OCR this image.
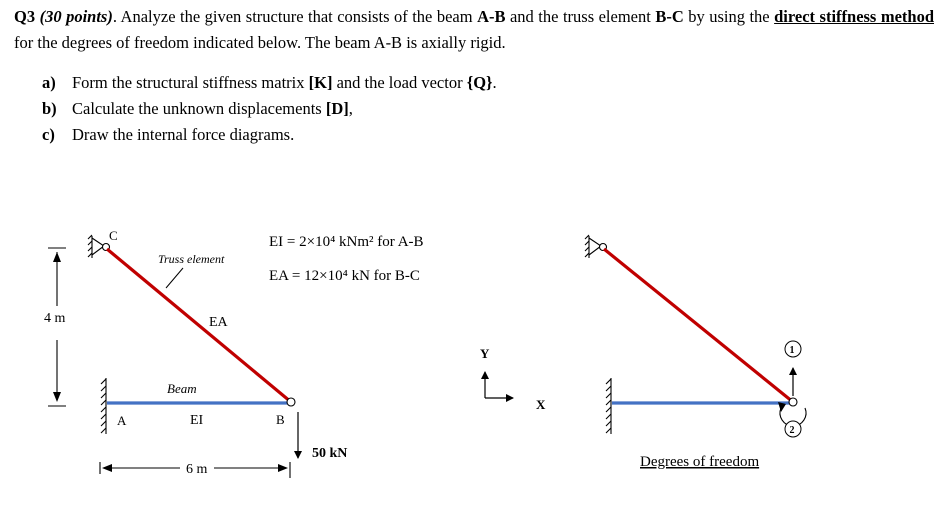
Q3 (30 points). Analyze the given structure that consists of the beam A-B and the truss element B-C by using the direct stiffness method for the degrees of freedom indicated below. The beam A-B is axially rigid.
a) Form the structural stiffness matrix [K] and the load vector {Q}.
b) Calculate the unknown displacements [D],
c) Draw the internal force diagrams.
4 m
C
Truss element
EA
A
Beam
EI	B
50 kN
6 m
EI = 2×10⁴ kNm² for A-B
EA = 12×10⁴ kN for B-C
Y
X
1
2
Degrees of freedom
